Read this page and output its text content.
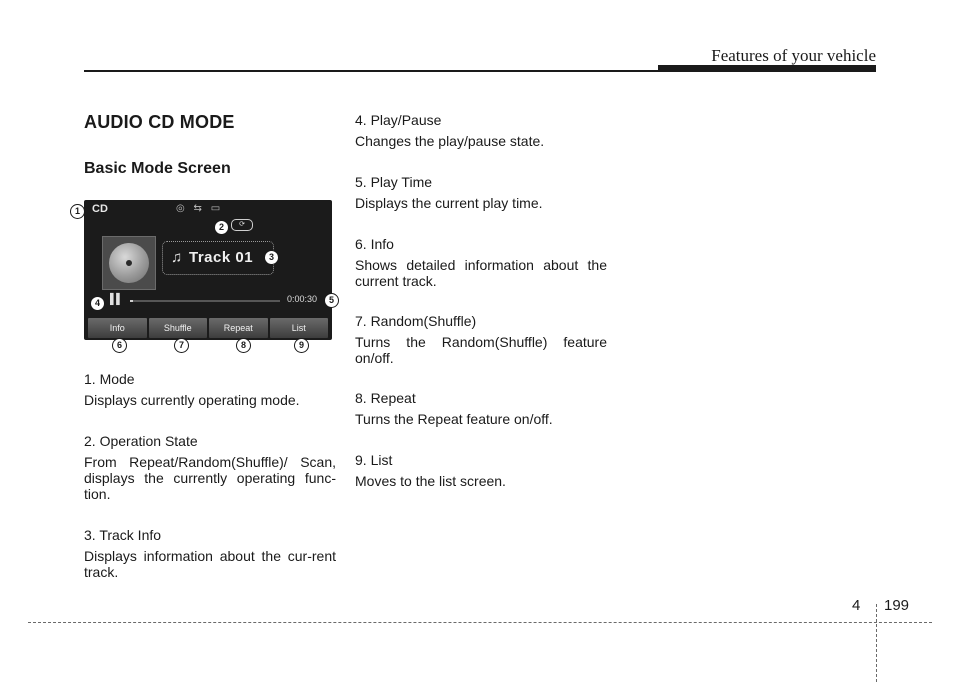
Features of your vehicle
AUDIO CD MODE
Basic Mode Screen
CD	◎ ⇆ ▭
⟳
♫ Track 01
▌▌	0:00:30
Info	Shuffle	Repeat	List
1
2
3
4	5
6	7	8	9

1. Mode

Displays currently operating mode.

2. Operation State

From Repeat/Random(Shuffle)/ Scan, displays the currently operating func-tion.

3. Track Info

Displays information about the cur-rent track.

4. Play/Pause

Changes the play/pause state.

5. Play Time

Displays the current play time.

6. Info

Shows detailed information about the current track.

7. Random(Shuffle)

Turns the Random(Shuffle) feature on/off.

8. Repeat

Turns the Repeat feature on/off.

9. List

Moves to the list screen.

4 199
